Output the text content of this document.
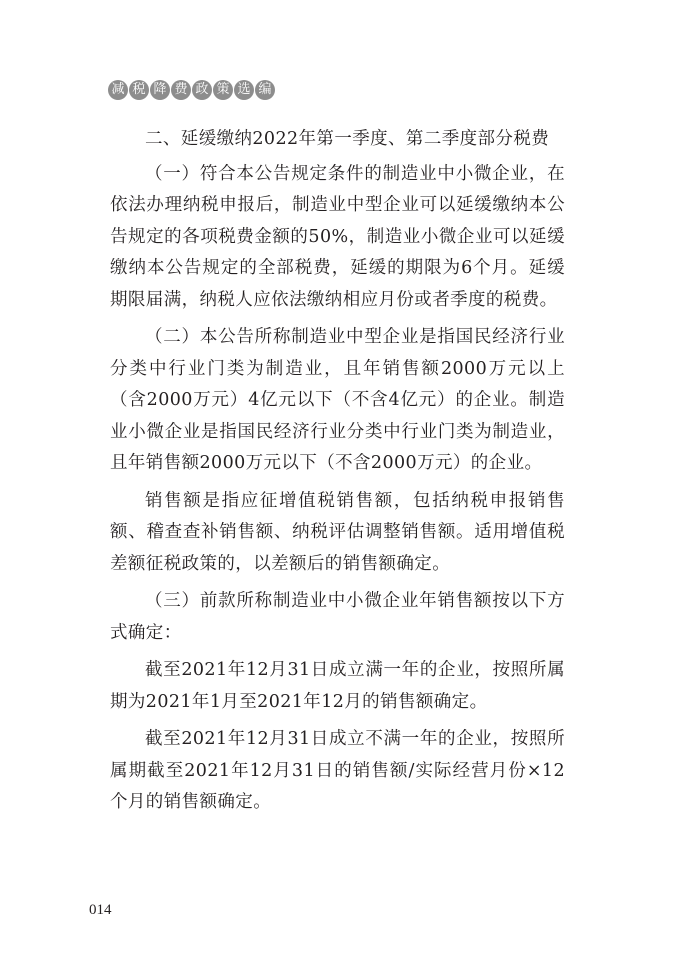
减 税 降 费 政 策 选 编

二、延缓缴纳2022年第一季度、第二季度部分税费

（一）符合本公告规定条件的制造业中小微企业，在依法办理纳税申报后，制造业中型企业可以延缓缴纳本公告规定的各项税费金额的50%，制造业小微企业可以延缓缴纳本公告规定的全部税费，延缓的期限为6个月。延缓期限届满，纳税人应依法缴纳相应月份或者季度的税费。

（二）本公告所称制造业中型企业是指国民经济行业分类中行业门类为制造业，且年销售额2000万元以上（含2000万元）4亿元以下（不含4亿元）的企业。制造业小微企业是指国民经济行业分类中行业门类为制造业，且年销售额2000万元以下（不含2000万元）的企业。

销售额是指应征增值税销售额，包括纳税申报销售额、稽查查补销售额、纳税评估调整销售额。适用增值税差额征税政策的，以差额后的销售额确定。

（三）前款所称制造业中小微企业年销售额按以下方式确定：

截至2021年12月31日成立满一年的企业，按照所属期为2021年1月至2021年12月的销售额确定。

截至2021年12月31日成立不满一年的企业，按照所属期截至2021年12月31日的销售额/实际经营月份×12个月的销售额确定。

014
